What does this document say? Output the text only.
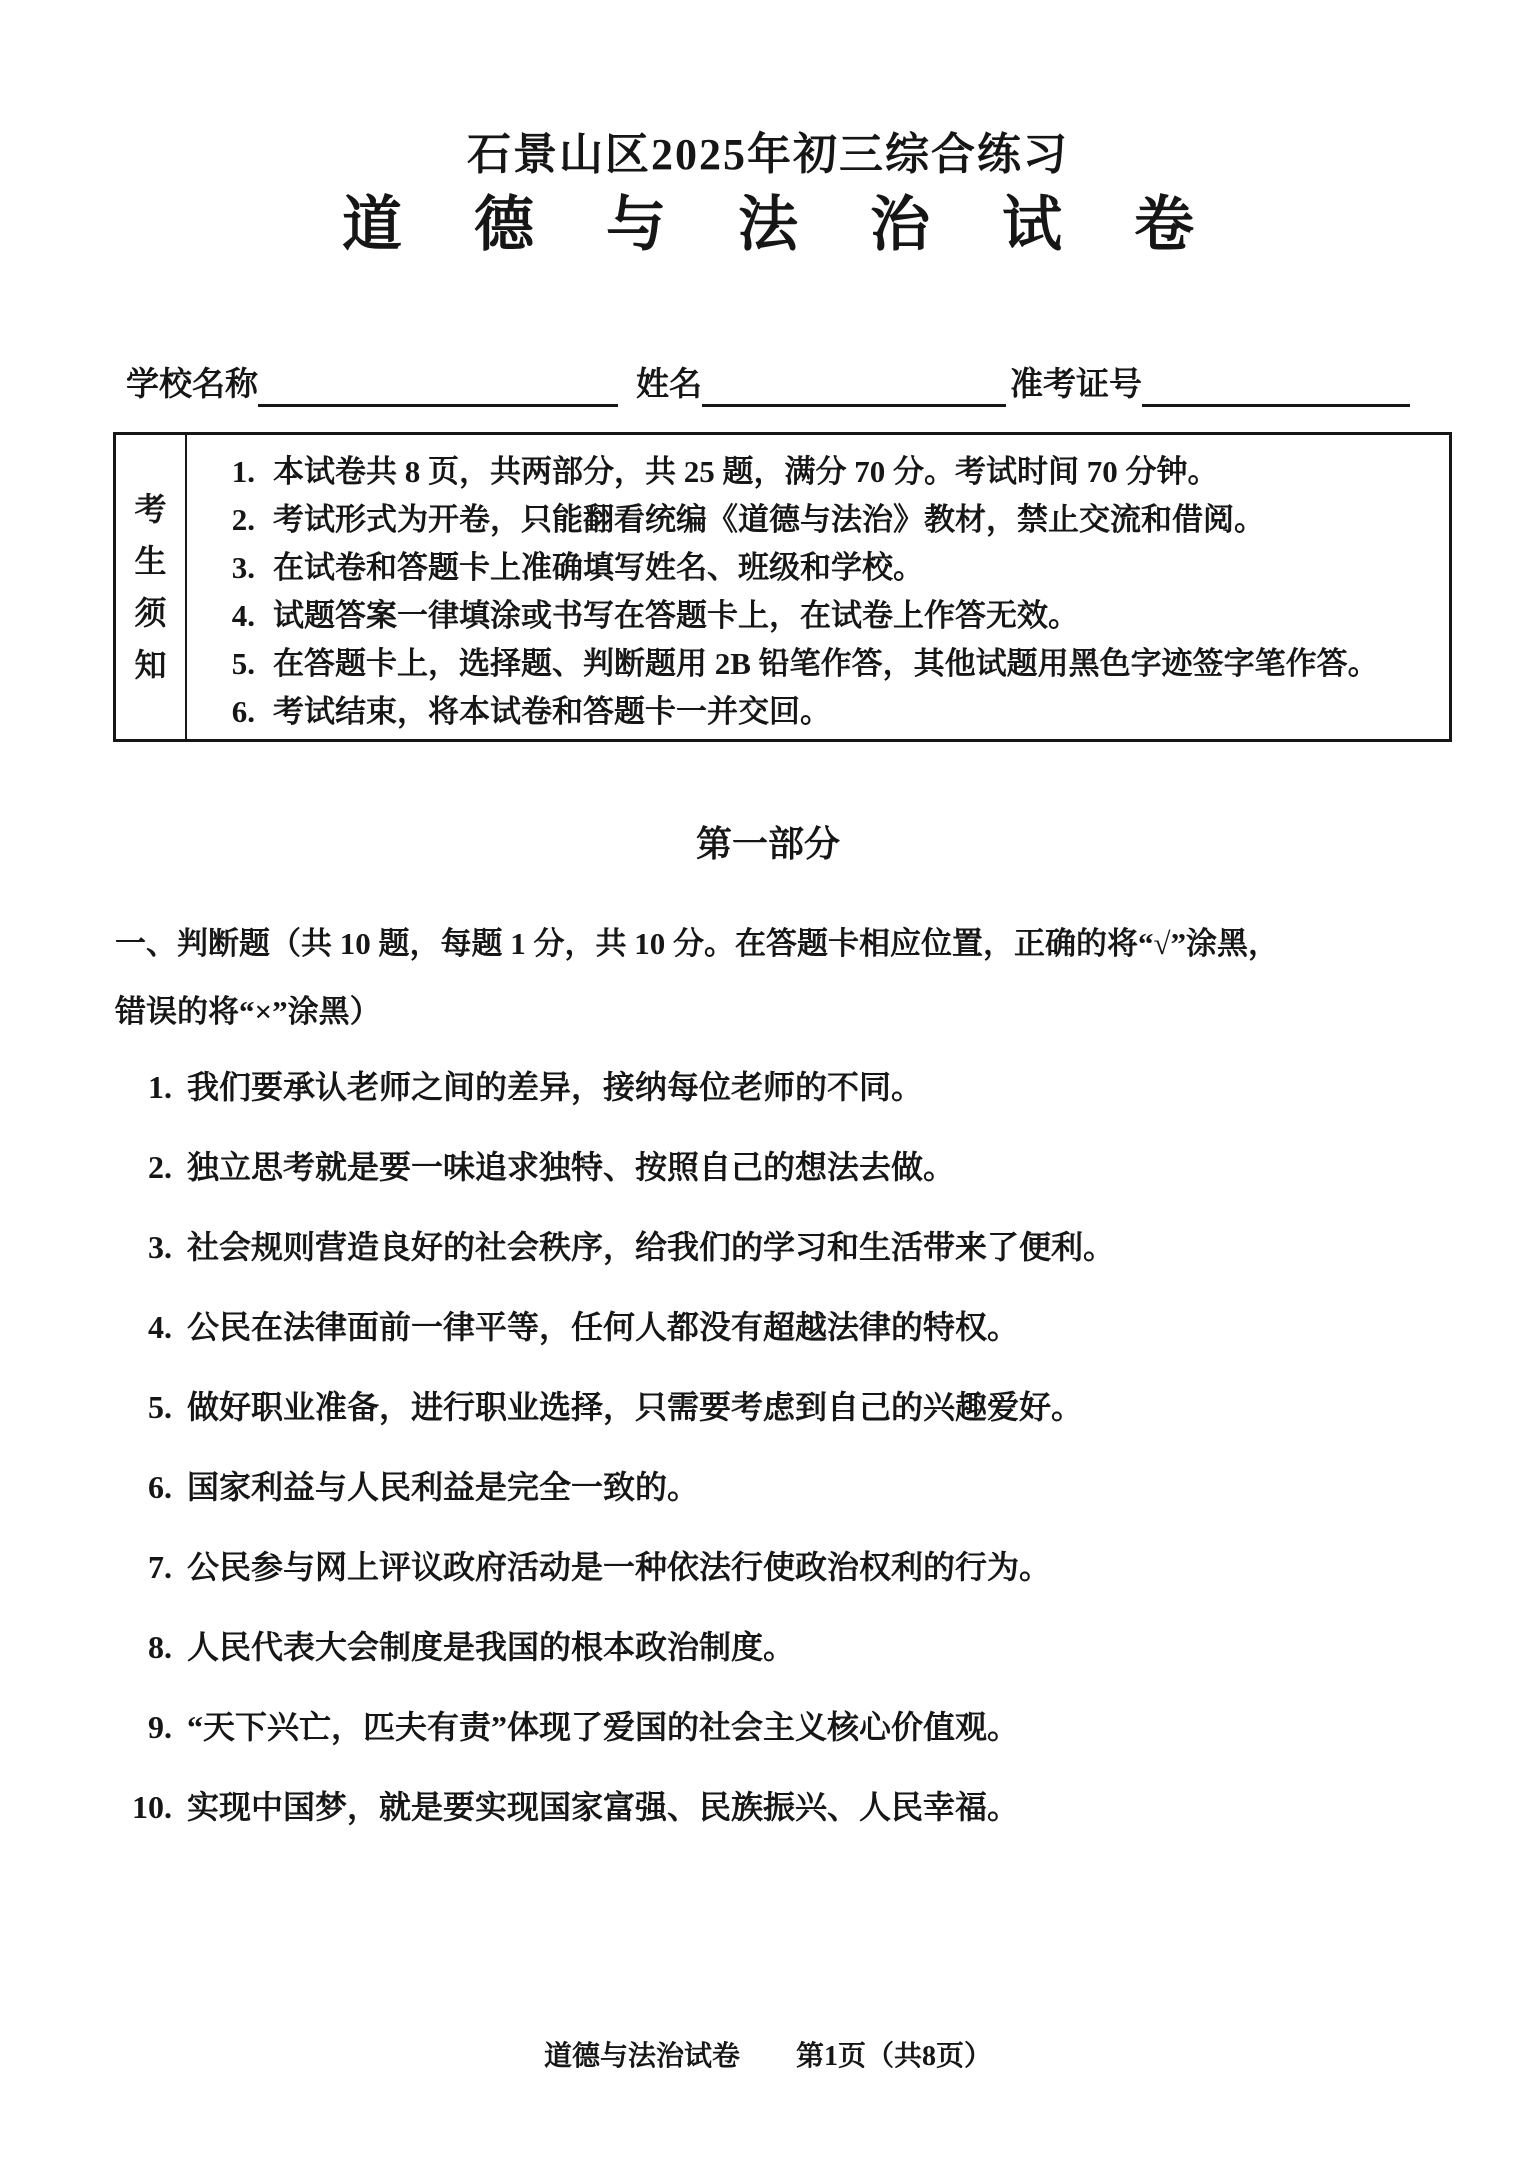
石景山区2025年初三综合练习
道德与法治试卷
学校名称	姓名	准考证号
考
生
须
知
1. 本试卷共 8 页，共两部分，共 25 题，满分 70 分。考试时间 70 分钟。
2. 考试形式为开卷，只能翻看统编《道德与法治》教材，禁止交流和借阅。
3. 在试卷和答题卡上准确填写姓名、班级和学校。
4. 试题答案一律填涂或书写在答题卡上，在试卷上作答无效。
5. 在答题卡上，选择题、判断题用 2B 铅笔作答，其他试题用黑色字迹签字笔作答。
6. 考试结束，将本试卷和答题卡一并交回。
第一部分
一、判断题（共 10 题，每题 1 分，共 10 分。在答题卡相应位置，正确的将“√”涂黑，
错误的将“×”涂黑）
1. 我们要承认老师之间的差异，接纳每位老师的不同。
2. 独立思考就是要一味追求独特、按照自己的想法去做。
3. 社会规则营造良好的社会秩序，给我们的学习和生活带来了便利。
4. 公民在法律面前一律平等，任何人都没有超越法律的特权。
5. 做好职业准备，进行职业选择，只需要考虑到自己的兴趣爱好。
6. 国家利益与人民利益是完全一致的。
7. 公民参与网上评议政府活动是一种依法行使政治权利的行为。
8. 人民代表大会制度是我国的根本政治制度。
9. “天下兴亡，匹夫有责”体现了爱国的社会主义核心价值观。
10. 实现中国梦，就是要实现国家富强、民族振兴、人民幸福。
道德与法治试卷 第1页（共8页）
